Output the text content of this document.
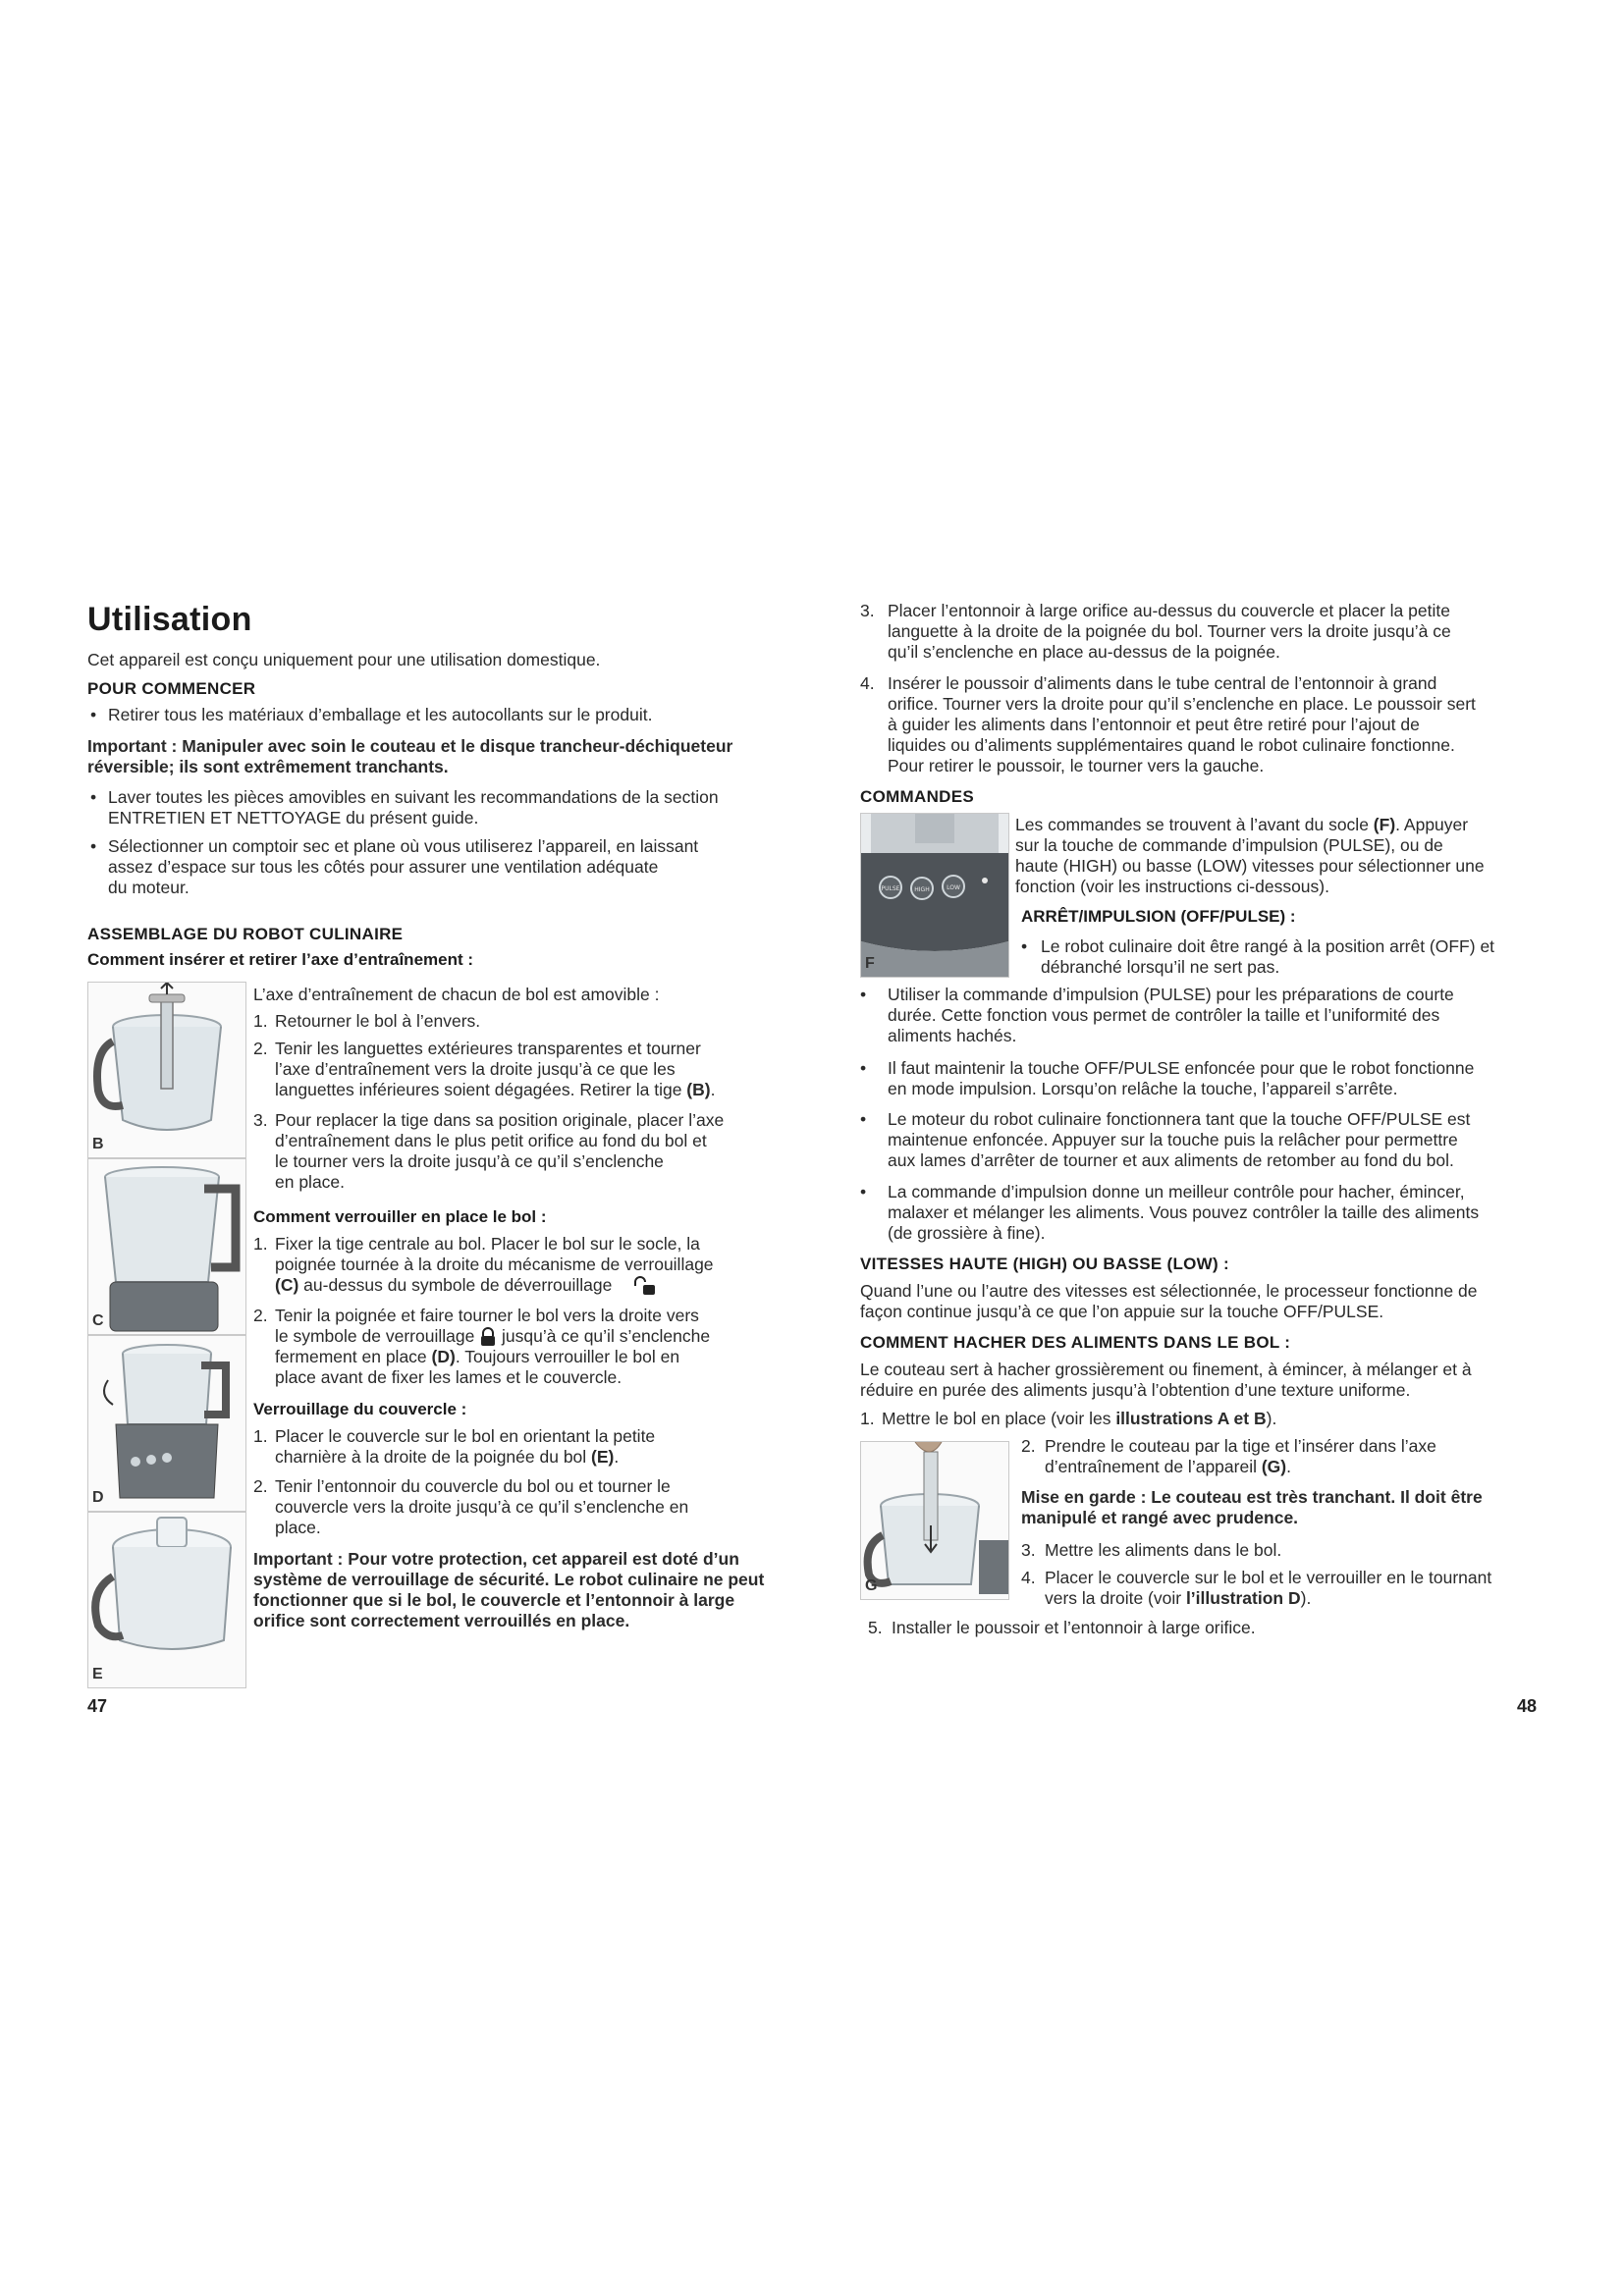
Utilisation

Cet appareil est conçu uniquement pour une utilisation domestique.

POUR COMMENCER
• Retirer tous les matériaux d’emballage et les autocollants sur le produit.

Important : Manipuler avec soin le couteau et le disque trancheur-déchiqueteur
réversible; ils sont extrêmement tranchants.

• Laver toutes les pièces amovibles en suivant les recommandations de la section
ENTRETIEN ET NETTOYAGE du présent guide.

• Sélectionner un comptoir sec et plane où vous utiliserez l’appareil, en laissant
assez d’espace sur tous les côtés pour assurer une ventilation adéquate
du moteur.

ASSEMBLAGE DU ROBOT CULINAIRE
Comment insérer et retirer l’axe d’entraînement :
B
C
D
E

L’axe d’entraînement de chacun de bol est amovible :

1. Retourner le bol à l’envers.

2. Tenir les languettes extérieures transparentes et tourner
l’axe d’entraînement vers la droite jusqu’à ce que les
languettes inférieures soient dégagées. Retirer la tige (B).

3. Pour replacer la tige dans sa position originale, placer l’axe
d’entraînement dans le plus petit orifice au fond du bol et
le tourner vers la droite jusqu’à ce qu’il s’enclenche
en place.

Comment verrouiller en place le bol :
1. Fixer la tige centrale au bol. Placer le bol sur le socle, la
poignée tournée à la droite du mécanisme de verrouillage
(C) au-dessus du symbole de déverrouillage

2. Tenir la poignée et faire tourner le bol vers la droite vers
le symbole de verrouillage  jusqu’à ce qu’il s’enclenche
fermement en place (D). Toujours verrouiller le bol en
place avant de fixer les lames et le couvercle.

Verrouillage du couvercle :
1. Placer le couvercle sur le bol en orientant la petite
charnière à la droite de la poignée du bol (E).

2. Tenir l’entonnoir du couvercle du bol ou et tourner le
couvercle vers la droite jusqu’à ce qu’il s’enclenche en
place.

Important : Pour votre protection, cet appareil est doté d’un
système de verrouillage de sécurité. Le robot culinaire ne peut
fonctionner que si le bol, le couvercle et l’entonnoir à large
orifice sont correctement verrouillés en place.

47
3. Placer l’entonnoir à large orifice au-dessus du couvercle et placer la petite
languette à la droite de la poignée du bol. Tourner vers la droite jusqu’à ce
qu’il s’enclenche en place au-dessus de la poignée.

4. Insérer le poussoir d’aliments dans le tube central de l’entonnoir à grand
orifice. Tourner vers la droite pour qu’il s’enclenche en place. Le poussoir sert
à guider les aliments dans l’entonnoir et peut être retiré pour l’ajout de
liquides ou d’aliments supplémentaires quand le robot culinaire fonctionne.
Pour retirer le poussoir, le tourner vers la gauche.

COMMANDES
PULSE HIGH	LOW
F

Les commandes se trouvent à l’avant du socle (F). Appuyer
sur la touche de commande d’impulsion (PULSE), ou de
haute (HIGH) ou basse (LOW) vitesses pour sélectionner une
fonction (voir les instructions ci-dessous).

ARRÊT/IMPULSION (OFF/PULSE) :
• Le robot culinaire doit être rangé à la position arrêt (OFF) et
débranché lorsqu’il ne sert pas.

• Utiliser la commande d’impulsion (PULSE) pour les préparations de courte
durée. Cette fonction vous permet de contrôler la taille et l’uniformité des
aliments hachés.

• Il faut maintenir la touche OFF/PULSE enfoncée pour que le robot fonctionne
en mode impulsion. Lorsqu’on relâche la touche, l’appareil s’arrête.

• Le moteur du robot culinaire fonctionnera tant que la touche OFF/PULSE est
maintenue enfoncée. Appuyer sur la touche puis la relâcher pour permettre
aux lames d’arrêter de tourner et aux aliments de retomber au fond du bol.

• La commande d’impulsion donne un meilleur contrôle pour hacher, émincer,
malaxer et mélanger les aliments. Vous pouvez contrôler la taille des aliments
(de grossière à fine).

VITESSES HAUTE (HIGH) OU BASSE (LOW) :

Quand l’une ou l’autre des vitesses est sélectionnée, le processeur fonctionne de
façon continue jusqu’à ce que l’on appuie sur la touche OFF/PULSE.

COMMENT HACHER DES ALIMENTS DANS LE BOL :

Le couteau sert à hacher grossièrement ou finement, à émincer, à mélanger et à
réduire en purée des aliments jusqu’à l’obtention d’une texture uniforme.

1. Mettre le bol en place (voir les illustrations A et B).

G
2. Prendre le couteau par la tige et l’insérer dans l’axe
d’entraînement de l’appareil (G).

Mise en garde : Le couteau est très tranchant. Il doit être
manipulé et rangé avec prudence.

3. Mettre les aliments dans le bol.

4. Placer le couvercle sur le bol et le verrouiller en le tournant
vers la droite (voir l’illustration D).

5. Installer le poussoir et l’entonnoir à large orifice.

48
